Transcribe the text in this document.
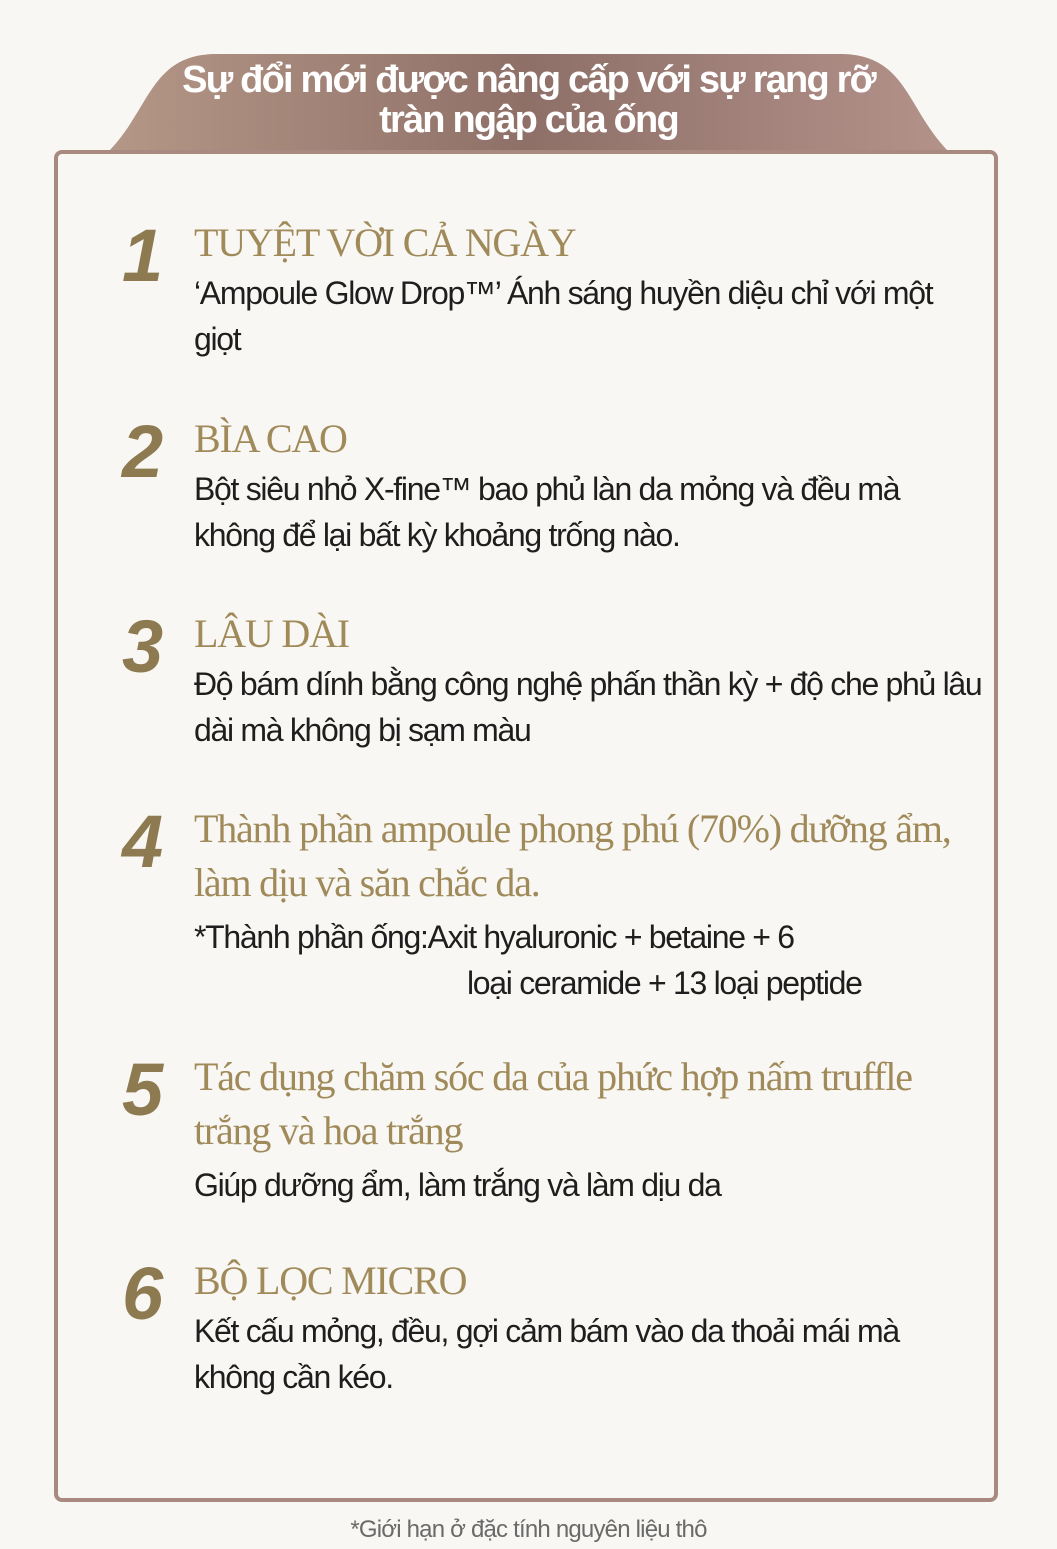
Sự đổi mới được nâng cấp với sự rạng rỡ tràn ngập của ống
1 TUYỆT VỜI CẢ NGÀY
‘Ampoule Glow Drop™’ Ánh sáng huyền diệu chỉ với một giọt
2 BÌA CAO
Bột siêu nhỏ X-fine™ bao phủ làn da mỏng và đều mà không để lại bất kỳ khoảng trống nào.
3 LÂU DÀI
Độ bám dính bằng công nghệ phấn thần kỳ + độ che phủ lâu dài mà không bị sạm màu
4 Thành phần ampoule phong phú (70%) dưỡng ẩm, làm dịu và săn chắc da.
*Thành phần ống:Axit hyaluronic + betaine + 6
loại ceramide + 13 loại peptide
5 Tác dụng chăm sóc da của phức hợp nấm truffle trắng và hoa trắng
Giúp dưỡng ẩm, làm trắng và làm dịu da
6 BỘ LỌC MICRO
Kết cấu mỏng, đều, gợi cảm bám vào da thoải mái mà không cần kéo.
*Giới hạn ở đặc tính nguyên liệu thô
